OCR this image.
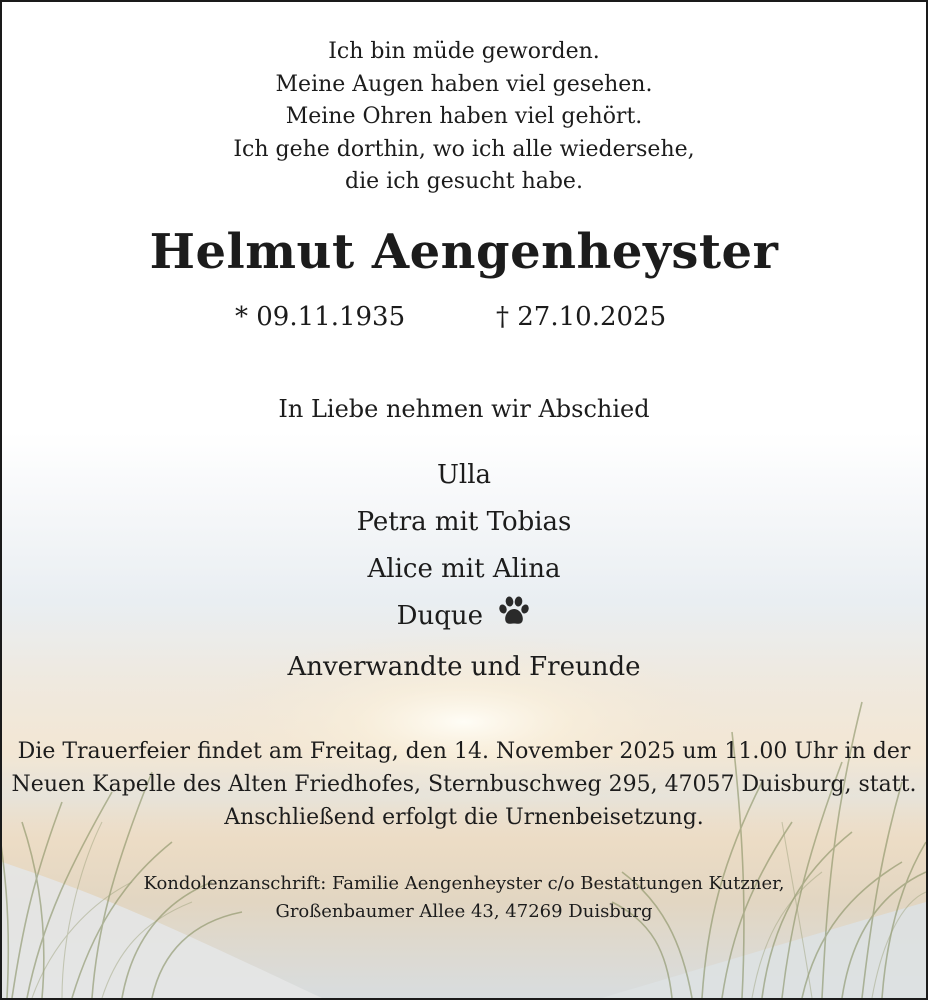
Ich bin müde geworden.
Meine Augen haben viel gesehen.
Meine Ohren haben viel gehört.
Ich gehe dorthin, wo ich alle wiedersehe,
die ich gesucht habe.
Helmut Aengenheyster
* 09.11.1935	† 27.10.2025
In Liebe nehmen wir Abschied
Ulla
Petra mit Tobias
Alice mit Alina
Duque
Anverwandte und Freunde
Die Trauerfeier findet am Freitag, den 14. November 2025 um 11.00 Uhr in der
Neuen Kapelle des Alten Friedhofes, Sternbuschweg 295, 47057 Duisburg, statt.
Anschließend erfolgt die Urnenbeisetzung.
Kondolenzanschrift: Familie Aengenheyster c/o Bestattungen Kutzner,
Großenbaumer Allee 43, 47269 Duisburg
